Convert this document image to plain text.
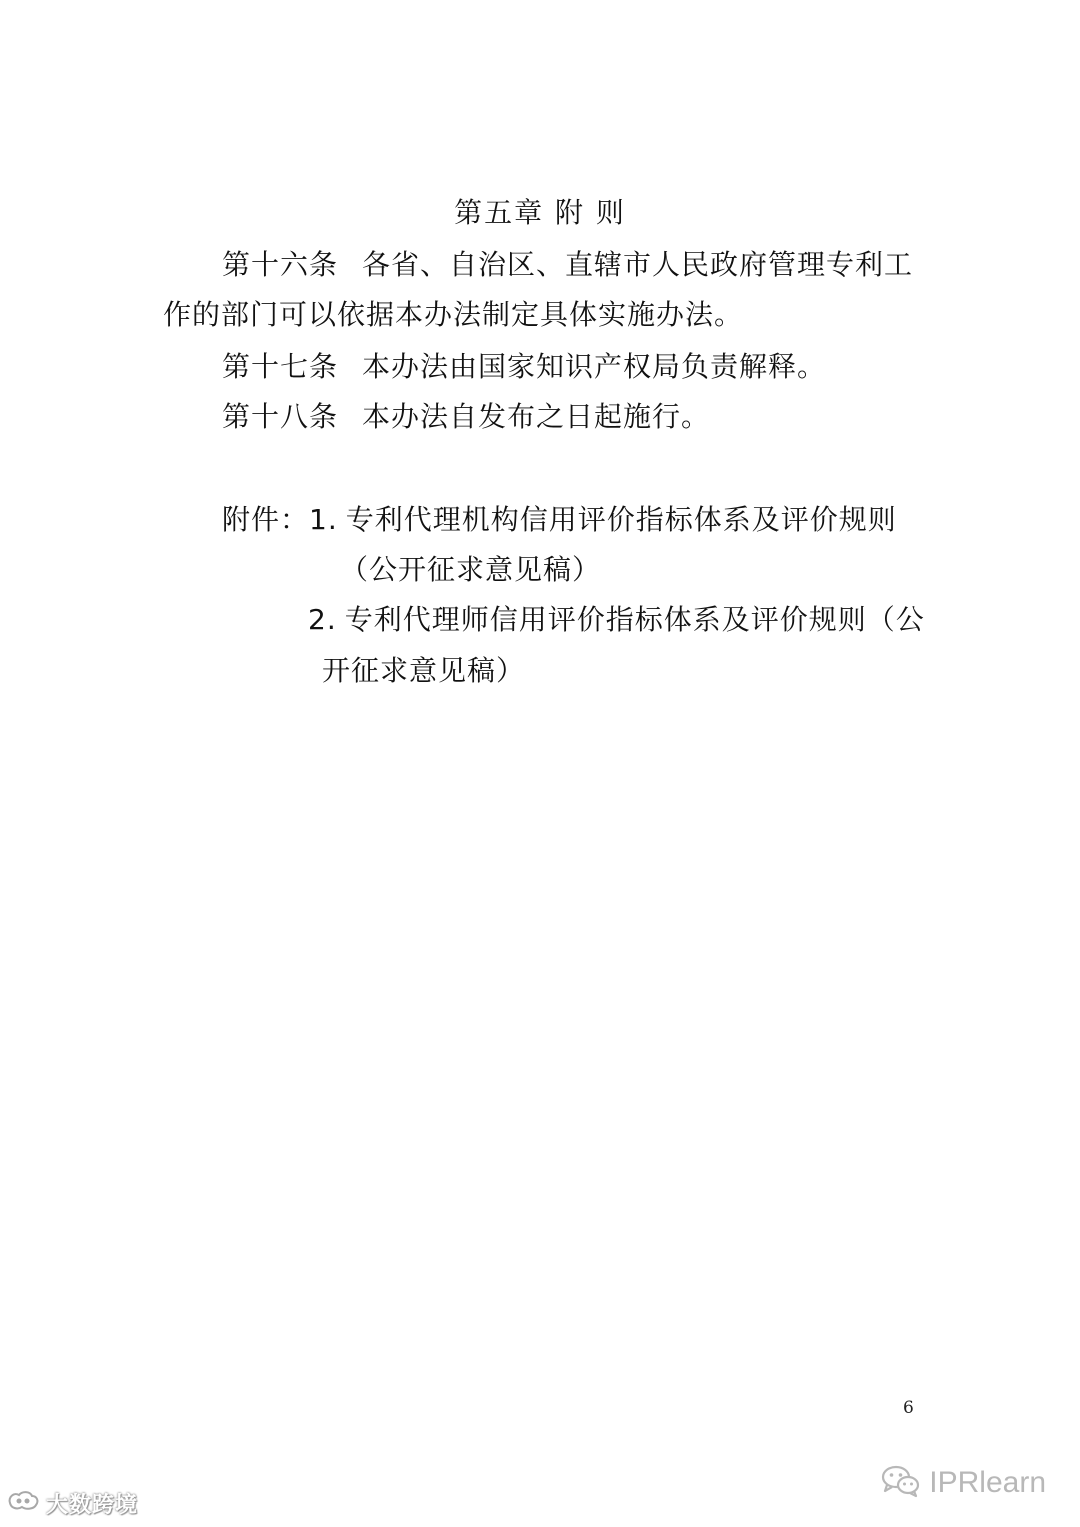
第五章 附 则
第十六条 各省、自治区、直辖市人民政府管理专利工
作的部门可以依据本办法制定具体实施办法。
第十七条 本办法由国家知识产权局负责解释。
第十八条 本办法自发布之日起施行。
附件：1. 专利代理机构信用评价指标体系及评价规则
（公开征求意见稿）
2. 专利代理师信用评价指标体系及评价规则（公
开征求意见稿）
6
大数跨境
IPRlearn
